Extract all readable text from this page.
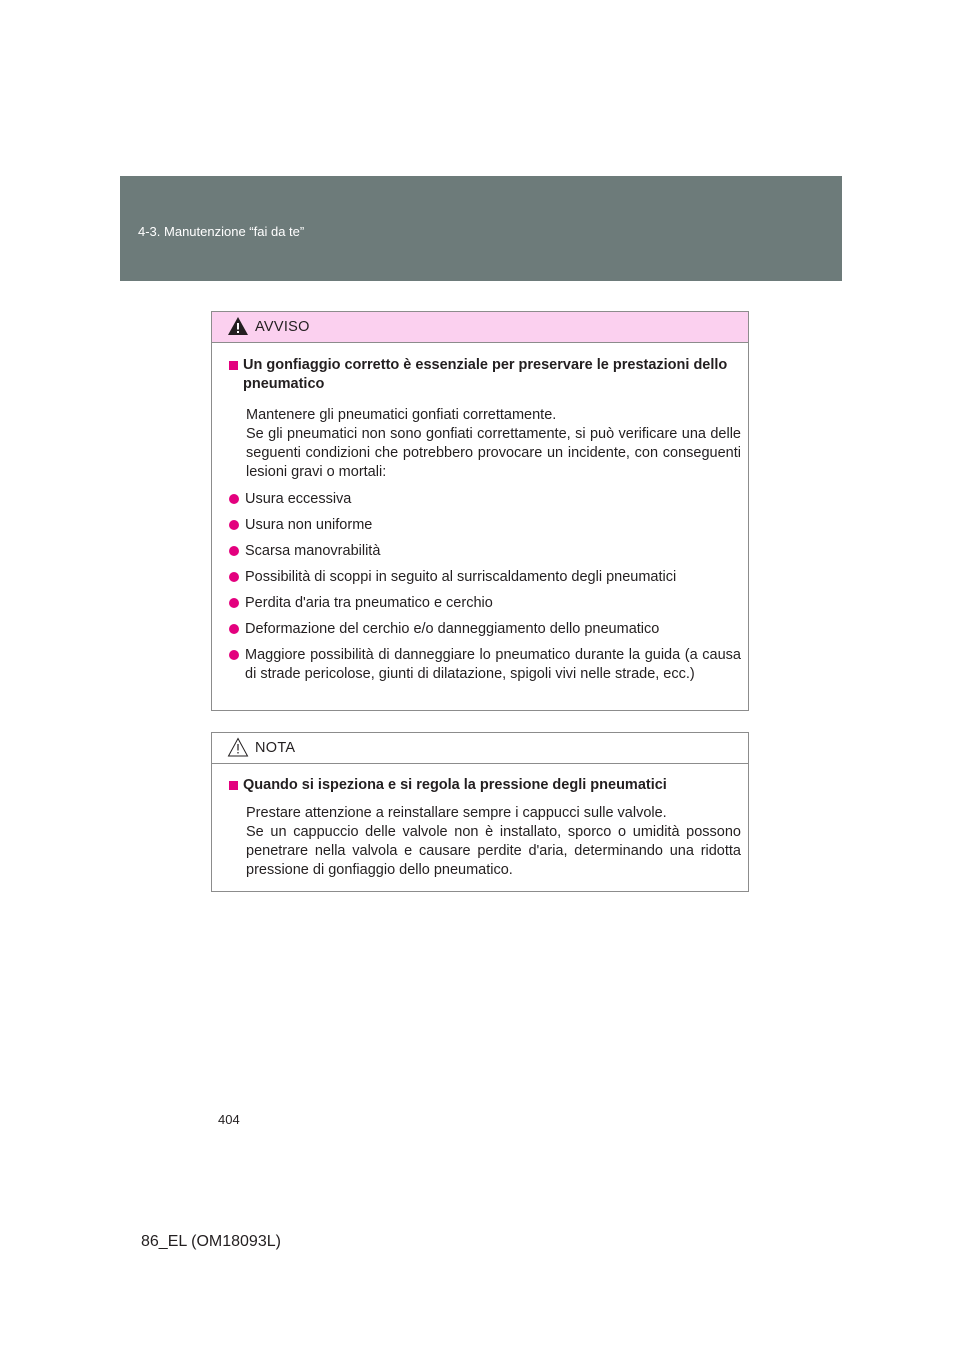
4-3. Manutenzione “fai da te”
AVVISO
Un gonfiaggio corretto è essenziale per preservare le prestazioni dello pneumatico
Mantenere gli pneumatici gonfiati correttamente.
Se gli pneumatici non sono gonfiati correttamente, si può verificare una delle seguenti condizioni che potrebbero provocare un incidente, con conseguenti lesioni gravi o mortali:
Usura eccessiva
Usura non uniforme
Scarsa manovrabilità
Possibilità di scoppi in seguito al surriscaldamento degli pneumatici
Perdita d'aria tra pneumatico e cerchio
Deformazione del cerchio e/o danneggiamento dello pneumatico
Maggiore possibilità di danneggiare lo pneumatico durante la guida (a causa di strade pericolose, giunti di dilatazione, spigoli vivi nelle strade, ecc.)
NOTA
Quando si ispeziona e si regola la pressione degli pneumatici
Prestare attenzione a reinstallare sempre i cappucci sulle valvole.
Se un cappuccio delle valvole non è installato, sporco o umidità possono penetrare nella valvola e causare perdite d'aria, determinando una ridotta pressione di gonfiaggio dello pneumatico.
404
86_EL (OM18093L)
